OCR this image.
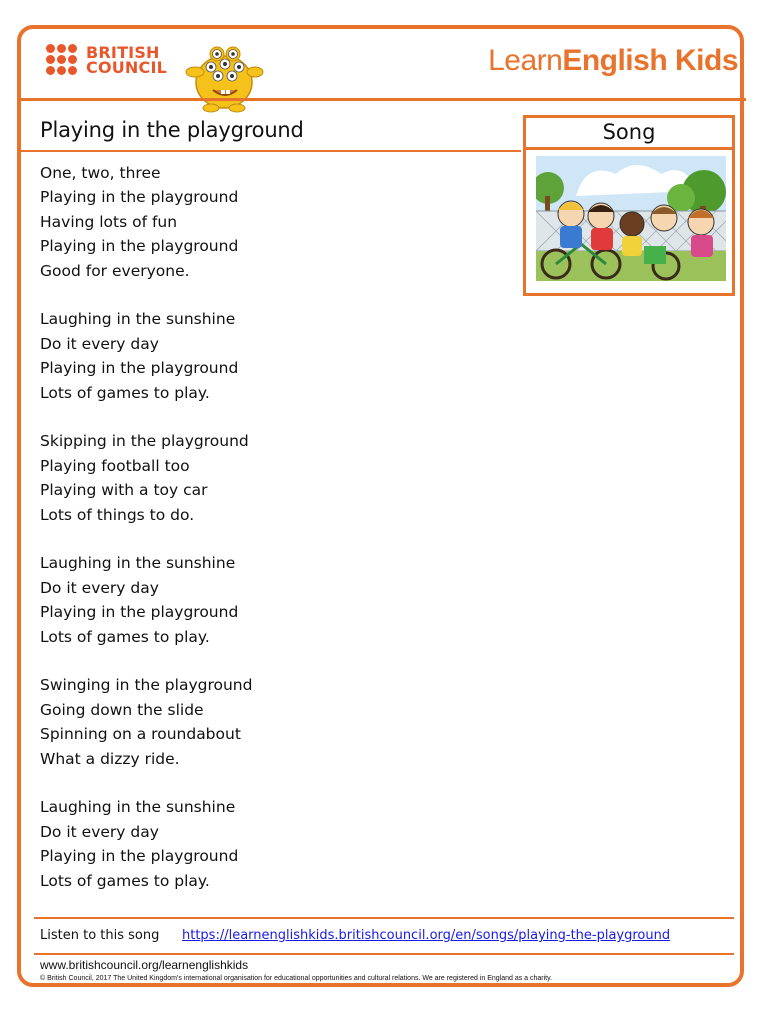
BRITISH
COUNCIL	LearnEnglish Kids
Playing in the playground	Song
One, two, three
Playing in the playground
Having lots of fun
Playing in the playground
Good for everyone.
Laughing in the sunshine
Do it every day
Playing in the playground
Lots of games to play.
Skipping in the playground
Playing football too
Playing with a toy car
Lots of things to do.
Laughing in the sunshine
Do it every day
Playing in the playground
Lots of games to play.
Swinging in the playground
Going down the slide
Spinning on a roundabout
What a dizzy ride.
Laughing in the sunshine
Do it every day
Playing in the playground
Lots of games to play.
Listen to this song https://learnenglishkids.britishcouncil.org/en/songs/playing-the-playground
www.britishcouncil.org/learnenglishkids
© British Council, 2017 The United Kingdom’s international organisation for educational opportunities and cultural relations. We are registered in England as a charity.
